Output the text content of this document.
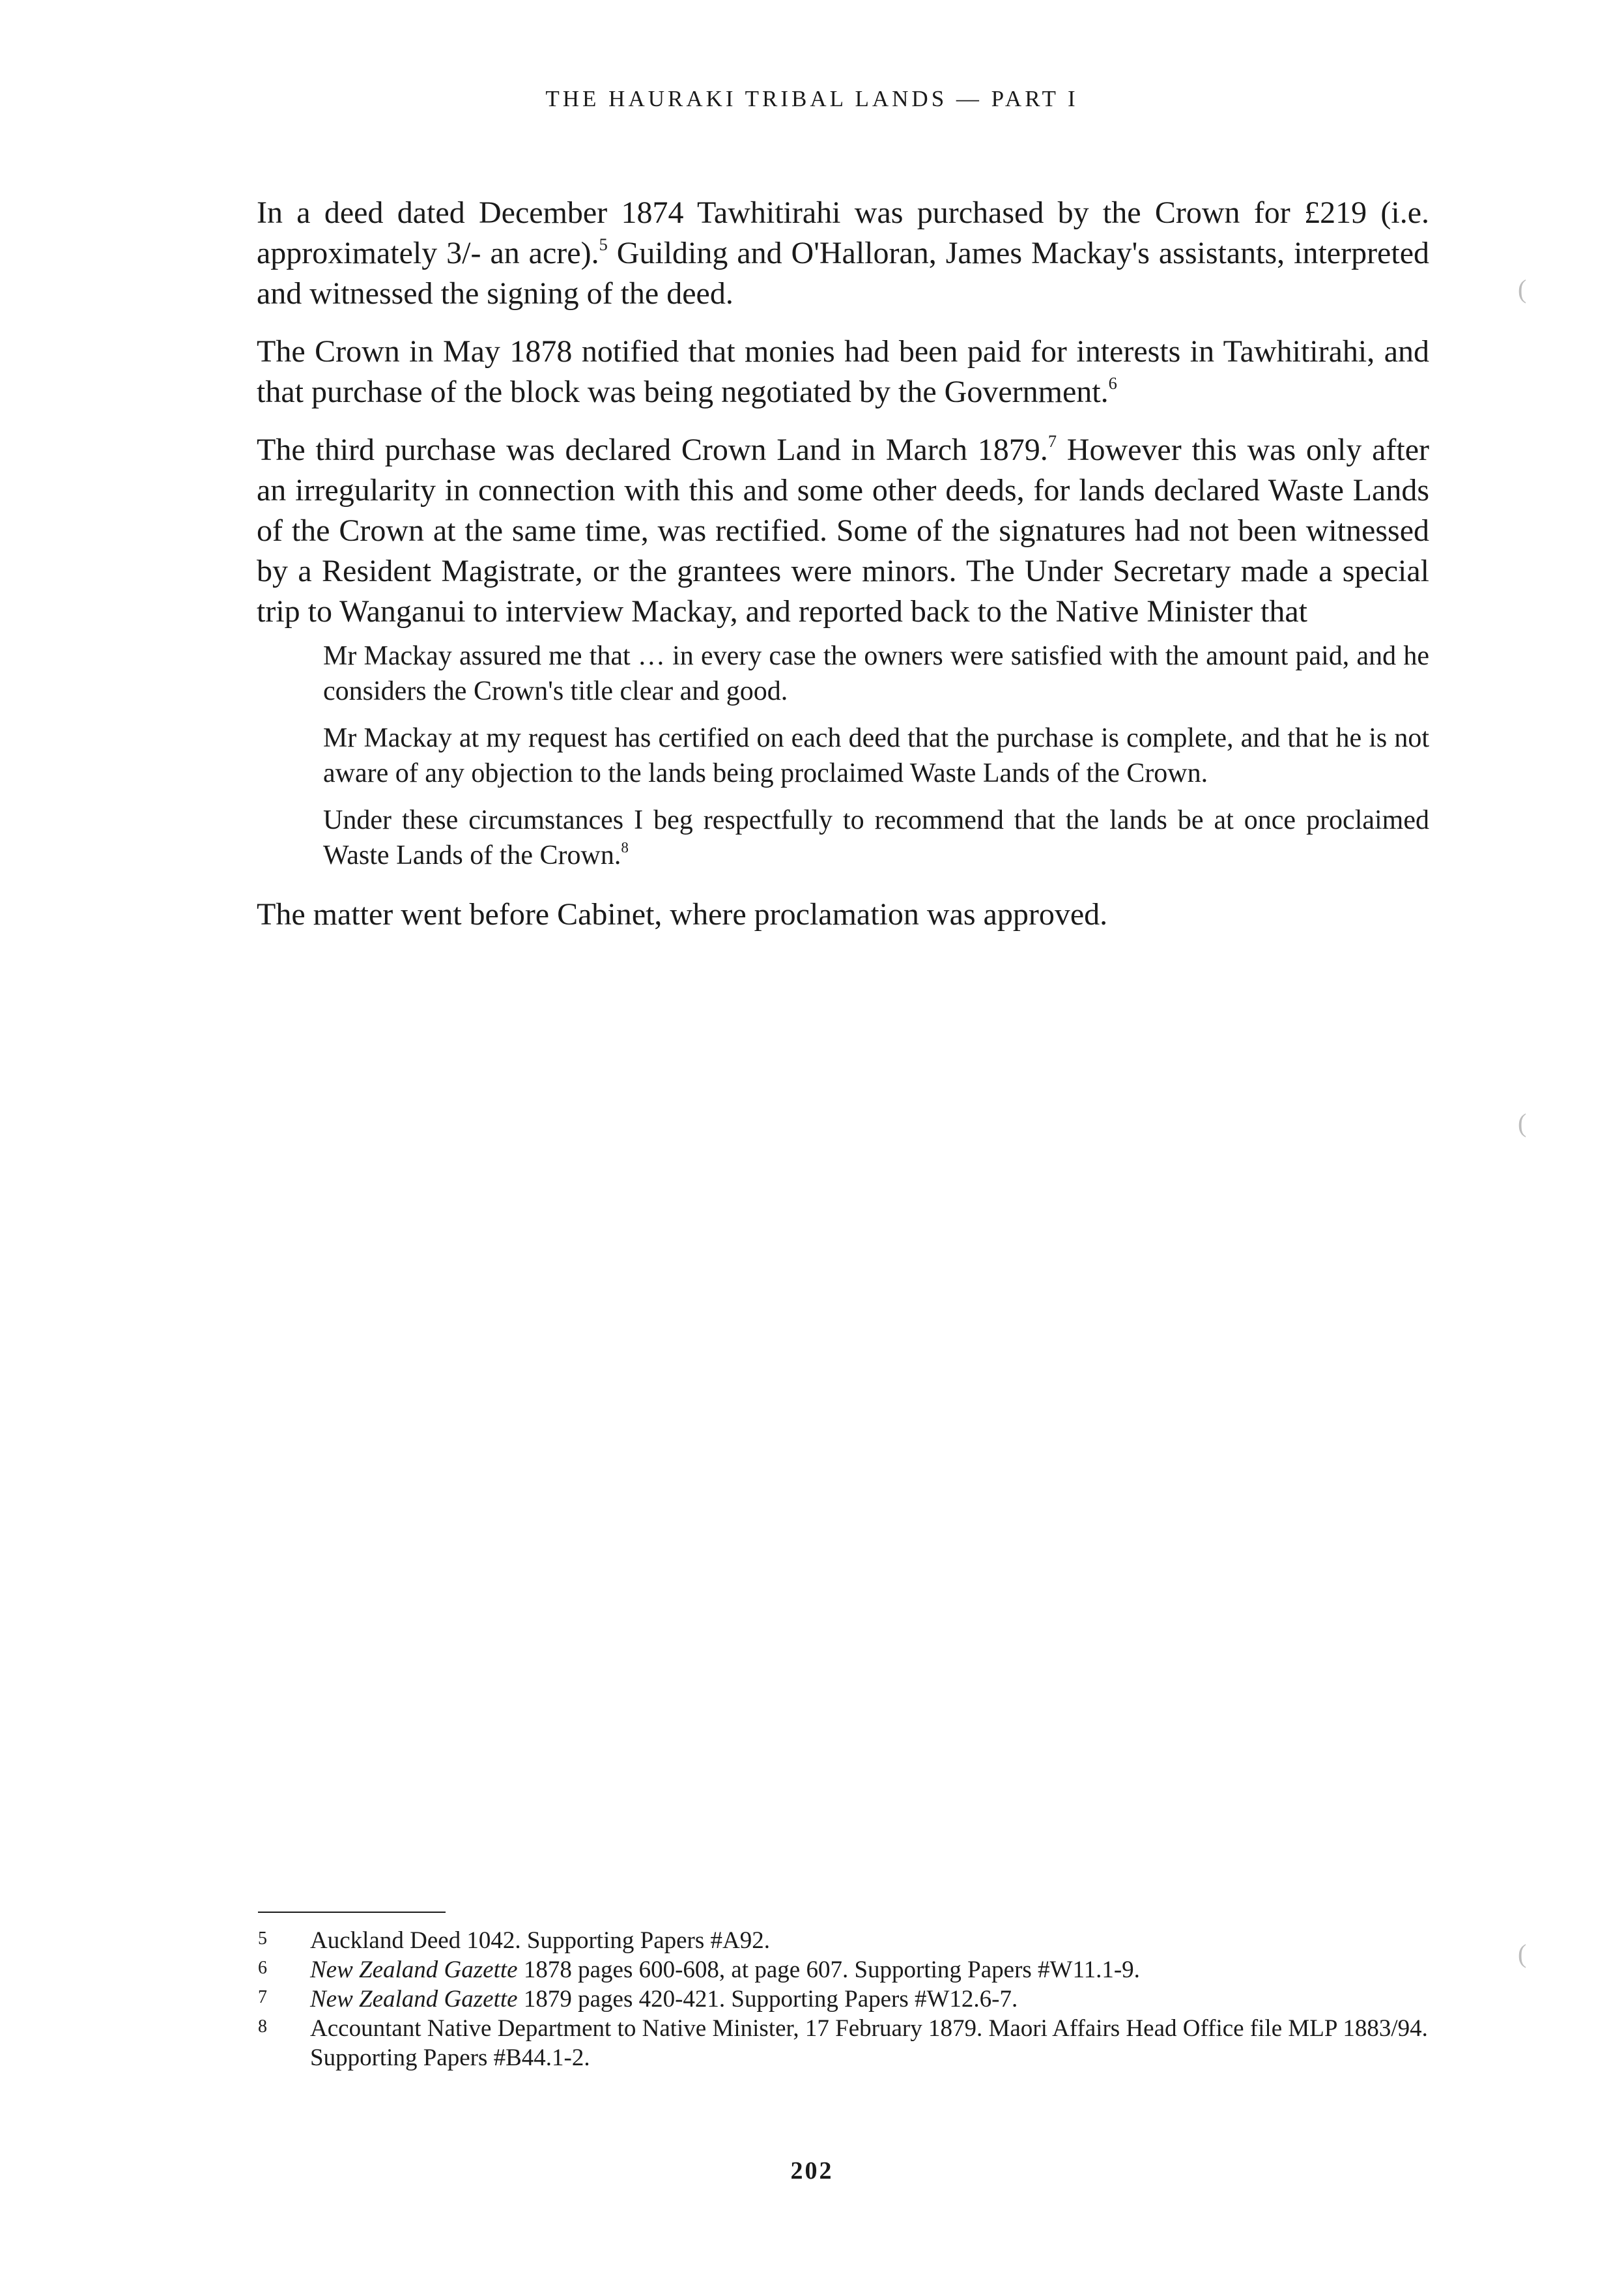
THE HAURAKI TRIBAL LANDS — PART I

In a deed dated December 1874 Tawhitirahi was purchased by the Crown for £219 (i.e. approximately 3/- an acre).$^5$ Guilding and O'Halloran, James Mackay's assistants, interpreted and witnessed the signing of the deed.

The Crown in May 1878 notified that monies had been paid for interests in Tawhitirahi, and that purchase of the block was being negotiated by the Government.$^6$

The third purchase was declared Crown Land in March 1879.$^7$ However this was only after an irregularity in connection with this and some other deeds, for lands declared Waste Lands of the Crown at the same time, was rectified. Some of the signatures had not been witnessed by a Resident Magistrate, or the grantees were minors. The Under Secretary made a special trip to Wanganui to interview Mackay, and reported back to the Native Minister that

Mr Mackay assured me that … in every case the owners were satisfied with the amount paid, and he considers the Crown's title clear and good.

Mr Mackay at my request has certified on each deed that the purchase is complete, and that he is not aware of any objection to the lands being proclaimed Waste Lands of the Crown.

Under these circumstances I beg respectfully to recommend that the lands be at once proclaimed Waste Lands of the Crown.$^8$

The matter went before Cabinet, where proclamation was approved.

5	Auckland Deed 1042. Supporting Papers #A92.
6	New Zealand Gazette 1878 pages 600-608, at page 607. Supporting Papers #W11.1-9.
7	New Zealand Gazette 1879 pages 420-421. Supporting Papers #W12.6-7.
8	Accountant Native Department to Native Minister, 17 February 1879. Maori Affairs Head Office file MLP 1883/94. Supporting Papers #B44.1-2.
202
(
(
(
